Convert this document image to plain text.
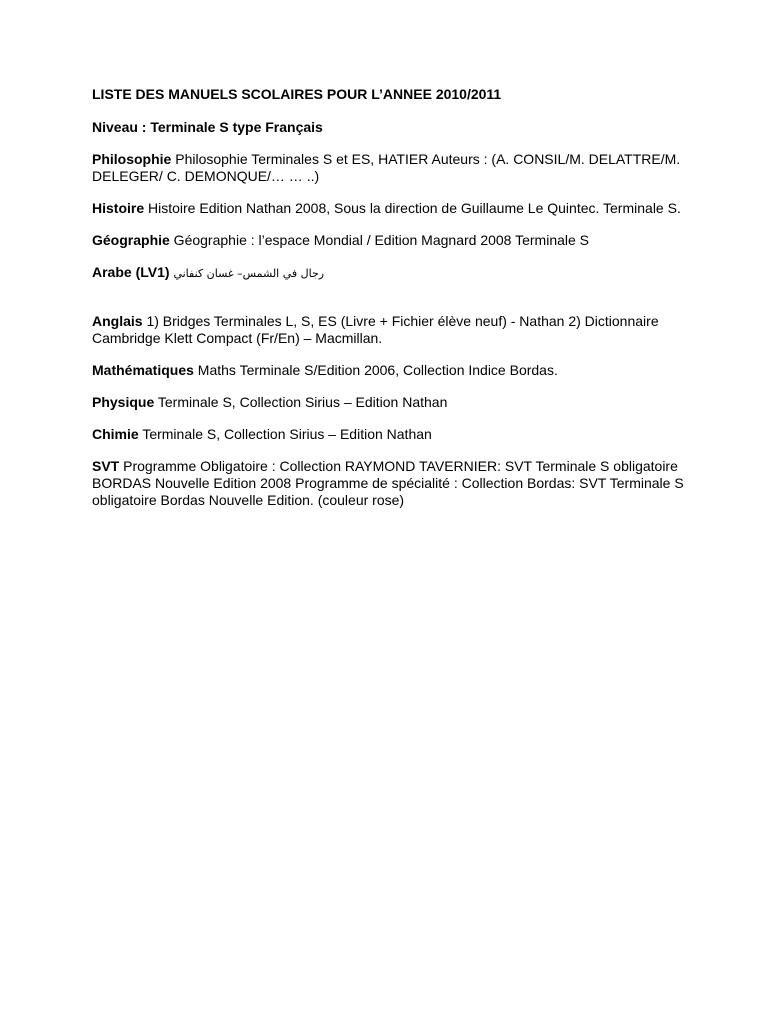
LISTE DES MANUELS SCOLAIRES POUR L’ANNEE 2010/2011
Niveau : Terminale S type Français
Philosophie Philosophie Terminales S et ES, HATIER Auteurs : (A. CONSIL/M. DELATTRE/M. DELEGER/ C. DEMONQUE/… … ..)
Histoire Histoire Edition Nathan 2008, Sous la direction de Guillaume Le Quintec. Terminale S.
Géographie Géographie : l’espace Mondial / Edition Magnard 2008 Terminale S
Arabe (LV1) رجال في الشمس– غسان كنفاني
Anglais 1) Bridges Terminales L, S, ES (Livre + Fichier élève neuf) - Nathan 2) Dictionnaire Cambridge Klett Compact (Fr/En) – Macmillan.
Mathématiques Maths Terminale S/Edition 2006, Collection Indice Bordas.
Physique Terminale S, Collection Sirius – Edition Nathan
Chimie Terminale S, Collection Sirius – Edition Nathan
SVT Programme Obligatoire : Collection RAYMOND TAVERNIER: SVT Terminale S obligatoire BORDAS Nouvelle Edition 2008 Programme de spécialité : Collection Bordas: SVT Terminale S obligatoire Bordas Nouvelle Edition. (couleur rose)
